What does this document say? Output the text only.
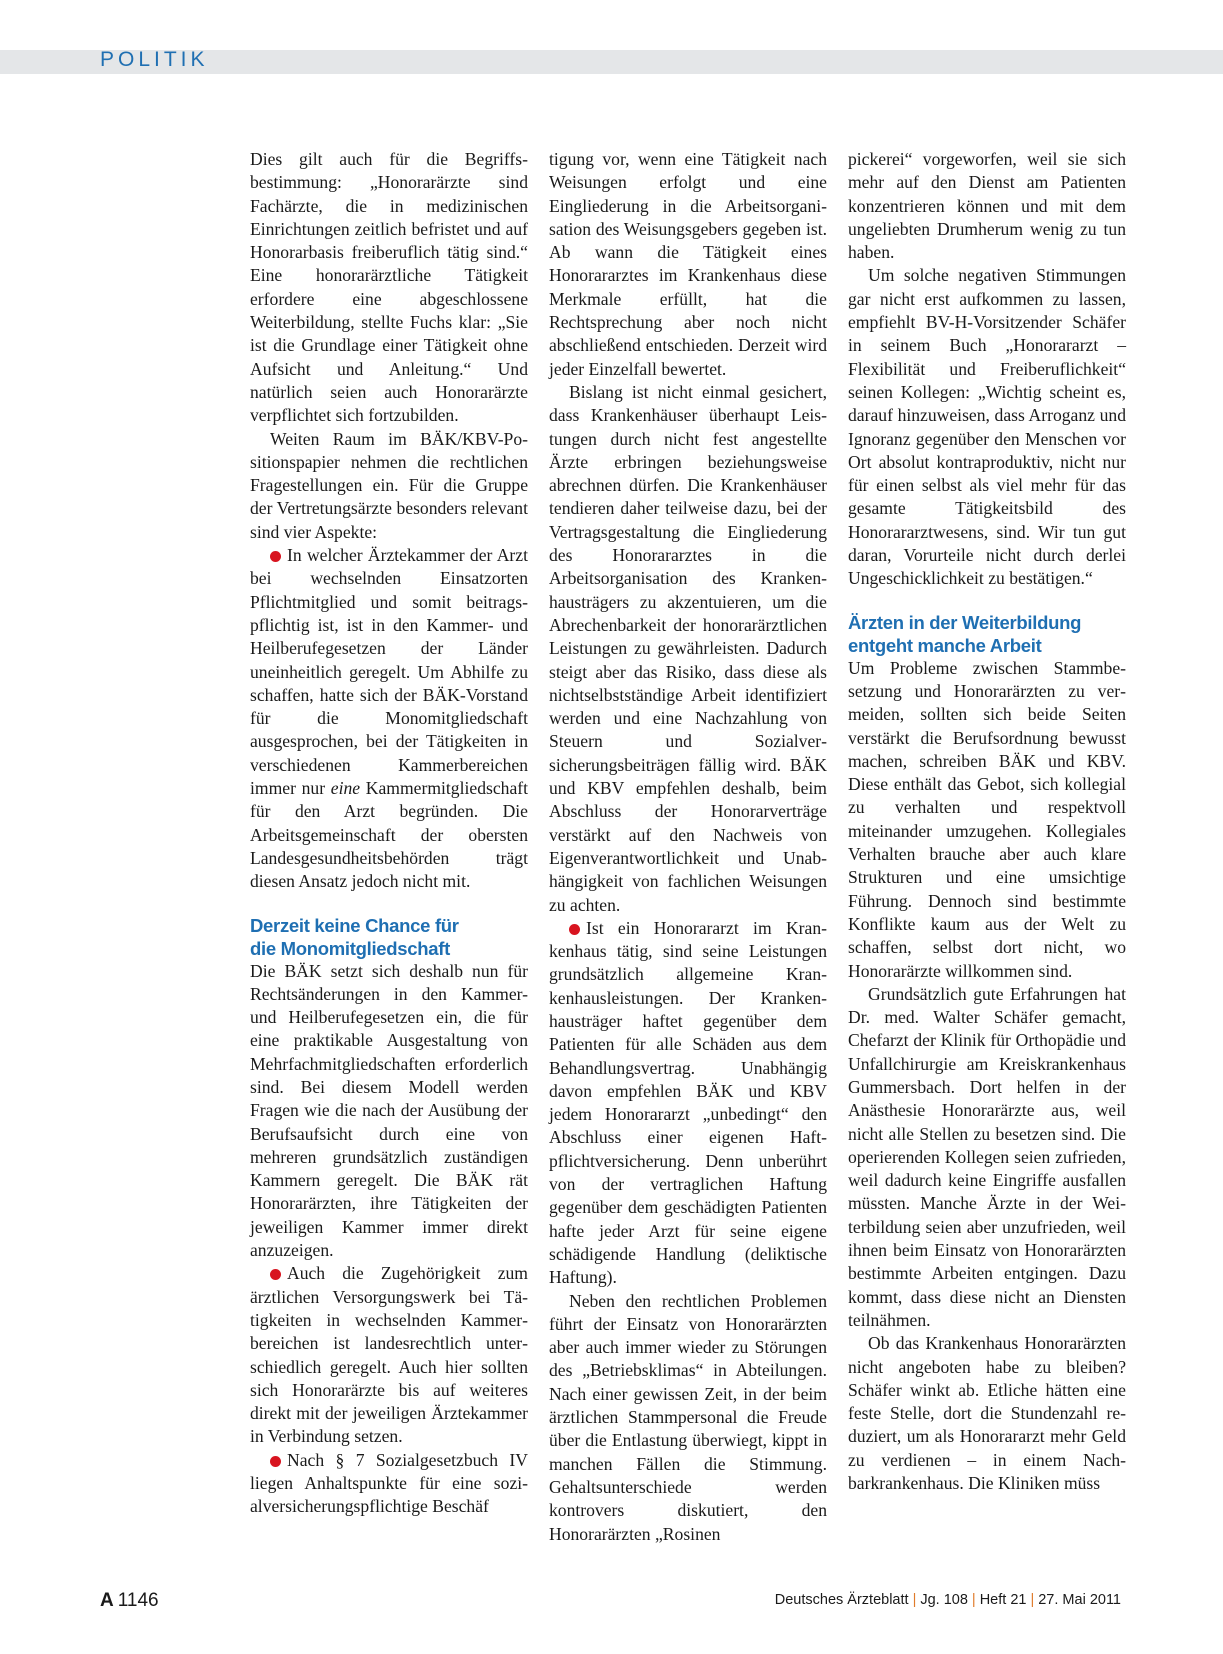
POLITIK

Dies gilt auch für die Begriffsbestimmung: „Honorarärzte sind Fachärzte, die in medizinischen Einrichtungen zeitlich befristet und auf Honorarbasis freiberuflich tätig sind.“ Eine honorarärztliche Tätigkeit erfordere eine abgeschlossene Weiterbildung, stellte Fuchs klar: „Sie ist die Grundlage einer Tätigkeit ohne Aufsicht und Anleitung.“ Und natürlich seien auch Honorarärzte verpflichtet sich fortzubilden.

Weiten Raum im BÄK/KBV-Positionspapier nehmen die rechtlichen Fragestellungen ein. Für die Gruppe der Vertretungsärzte besonders relevant sind vier Aspekte:

In welcher Ärztekammer der Arzt bei wechselnden Einsatzorten Pflichtmitglied und somit beitragspflichtig ist, ist in den Kammer- und Heilberufegesetzen der Länder uneinheitlich geregelt. Um Abhilfe zu schaffen, hatte sich der BÄK-Vorstand für die Monomitgliedschaft ausgesprochen, bei der Tätigkeiten in verschiedenen Kammerbereichen immer nur eine Kammermitgliedschaft für den Arzt begründen. Die Arbeitsgemeinschaft der obersten Landesgesundheitsbehörden trägt diesen Ansatz jedoch nicht mit.

Derzeit keine Chance für
die Monomitgliedschaft

Die BÄK setzt sich deshalb nun für Rechtsänderungen in den Kammer- und Heilberufegesetzen ein, die für eine praktikable Ausgestaltung von Mehrfachmitgliedschaften erforderlich sind. Bei diesem Modell werden Fragen wie die nach der Ausübung der Berufsaufsicht durch eine von mehreren grundsätzlich zuständigen Kammern geregelt. Die BÄK rät Honorarärzten, ihre Tätigkeiten der jeweiligen Kammer immer direkt anzuzeigen.

Auch die Zugehörigkeit zum ärztlichen Versorgungswerk bei Tätigkeiten in wechselnden Kammerbereichen ist landesrechtlich unterschiedlich geregelt. Auch hier sollten sich Honorarärzte bis auf weiteres direkt mit der jeweiligen Ärztekammer in Verbindung setzen.

Nach § 7 Sozialgesetzbuch IV liegen Anhaltspunkte für eine sozialversicherungspflichtige Beschäf

tigung vor, wenn eine Tätigkeit nach Weisungen erfolgt und eine Eingliederung in die Arbeitsorganisation des Weisungsgebers gegeben ist. Ab wann die Tätigkeit eines Honorararztes im Krankenhaus diese Merkmale erfüllt, hat die Rechtsprechung aber noch nicht abschließend entschieden. Derzeit wird jeder Einzelfall bewertet.

Bislang ist nicht einmal gesichert, dass Krankenhäuser überhaupt Leistungen durch nicht fest angestellte Ärzte erbringen beziehungsweise abrechnen dürfen. Die Krankenhäuser tendieren daher teilweise dazu, bei der Vertragsgestaltung die Eingliederung des Honorararztes in die Arbeitsorganisation des Krankenhausträgers zu akzentuieren, um die Abrechenbarkeit der honorarärztlichen Leistungen zu gewährleisten. Dadurch steigt aber das Risiko, dass diese als nichtselbstständige Arbeit identifiziert werden und eine Nachzahlung von Steuern und Sozialversicherungsbeiträgen fällig wird. BÄK und KBV empfehlen deshalb, beim Abschluss der Honorarverträge verstärkt auf den Nachweis von Eigenverantwortlichkeit und Unabhängigkeit von fachlichen Weisungen zu achten.

Ist ein Honorararzt im Krankenhaus tätig, sind seine Leistungen grundsätzlich allgemeine Krankenhausleistungen. Der Krankenhausträger haftet gegenüber dem Patienten für alle Schäden aus dem Behandlungsvertrag. Unabhängig davon empfehlen BÄK und KBV jedem Honorararzt „unbedingt“ den Abschluss einer eigenen Haftpflichtversicherung. Denn unberührt von der vertraglichen Haftung gegenüber dem geschädigten Patienten hafte jeder Arzt für seine eigene schädigende Handlung (deliktische Haftung).

Neben den rechtlichen Problemen führt der Einsatz von Honorarärzten aber auch immer wieder zu Störungen des „Betriebsklimas“ in Abteilungen. Nach einer gewissen Zeit, in der beim ärztlichen Stammpersonal die Freude über die Entlastung überwiegt, kippt in manchen Fällen die Stimmung. Gehaltsunterschiede werden kontrovers diskutiert, den Honorarärzten „Rosinen

pickerei“ vorgeworfen, weil sie sich mehr auf den Dienst am Patienten konzentrieren können und mit dem ungeliebten Drumherum wenig zu tun haben.

Um solche negativen Stimmungen gar nicht erst aufkommen zu lassen, empfiehlt BV-H-Vorsitzender Schäfer in seinem Buch „Honorararzt – Flexibilität und Freiberuflichkeit“ seinen Kollegen: „Wichtig scheint es, darauf hinzuweisen, dass Arroganz und Ignoranz gegenüber den Menschen vor Ort absolut kontraproduktiv, nicht nur für einen selbst als viel mehr für das gesamte Tätigkeitsbild des Honorararztwesens, sind. Wir tun gut daran, Vorurteile nicht durch derlei Ungeschicklichkeit zu bestätigen.“

Ärzten in der Weiterbildung
entgeht manche Arbeit

Um Probleme zwischen Stammbesetzung und Honorarärzten zu vermeiden, sollten sich beide Seiten verstärkt die Berufsordnung bewusst machen, schreiben BÄK und KBV. Diese enthält das Gebot, sich kollegial zu verhalten und respektvoll miteinander umzugehen. Kollegiales Verhalten brauche aber auch klare Strukturen und eine umsichtige Führung. Dennoch sind bestimmte Konflikte kaum aus der Welt zu schaffen, selbst dort nicht, wo Honorarärzte willkommen sind.

Grundsätzlich gute Erfahrungen hat Dr. med. Walter Schäfer gemacht, Chefarzt der Klinik für Orthopädie und Unfallchirurgie am Kreiskrankenhaus Gummersbach. Dort helfen in der Anästhesie Honorarärzte aus, weil nicht alle Stellen zu besetzen sind. Die operierenden Kollegen seien zufrieden, weil dadurch keine Eingriffe ausfallen müssten. Manche Ärzte in der Weiterbildung seien aber unzufrieden, weil ihnen beim Einsatz von Honorarärzten bestimmte Arbeiten entgingen. Dazu kommt, dass diese nicht an Diensten teilnähmen.

Ob das Krankenhaus Honorarärzten nicht angeboten habe zu bleiben? Schäfer winkt ab. Etliche hätten eine feste Stelle, dort die Stundenzahl reduziert, um als Honorararzt mehr Geld zu verdienen – in einem Nachbarkrankenhaus. Die Kliniken müss

A 1146	Deutsches Ärzteblatt | Jg. 108 | Heft 21 | 27. Mai 2011
